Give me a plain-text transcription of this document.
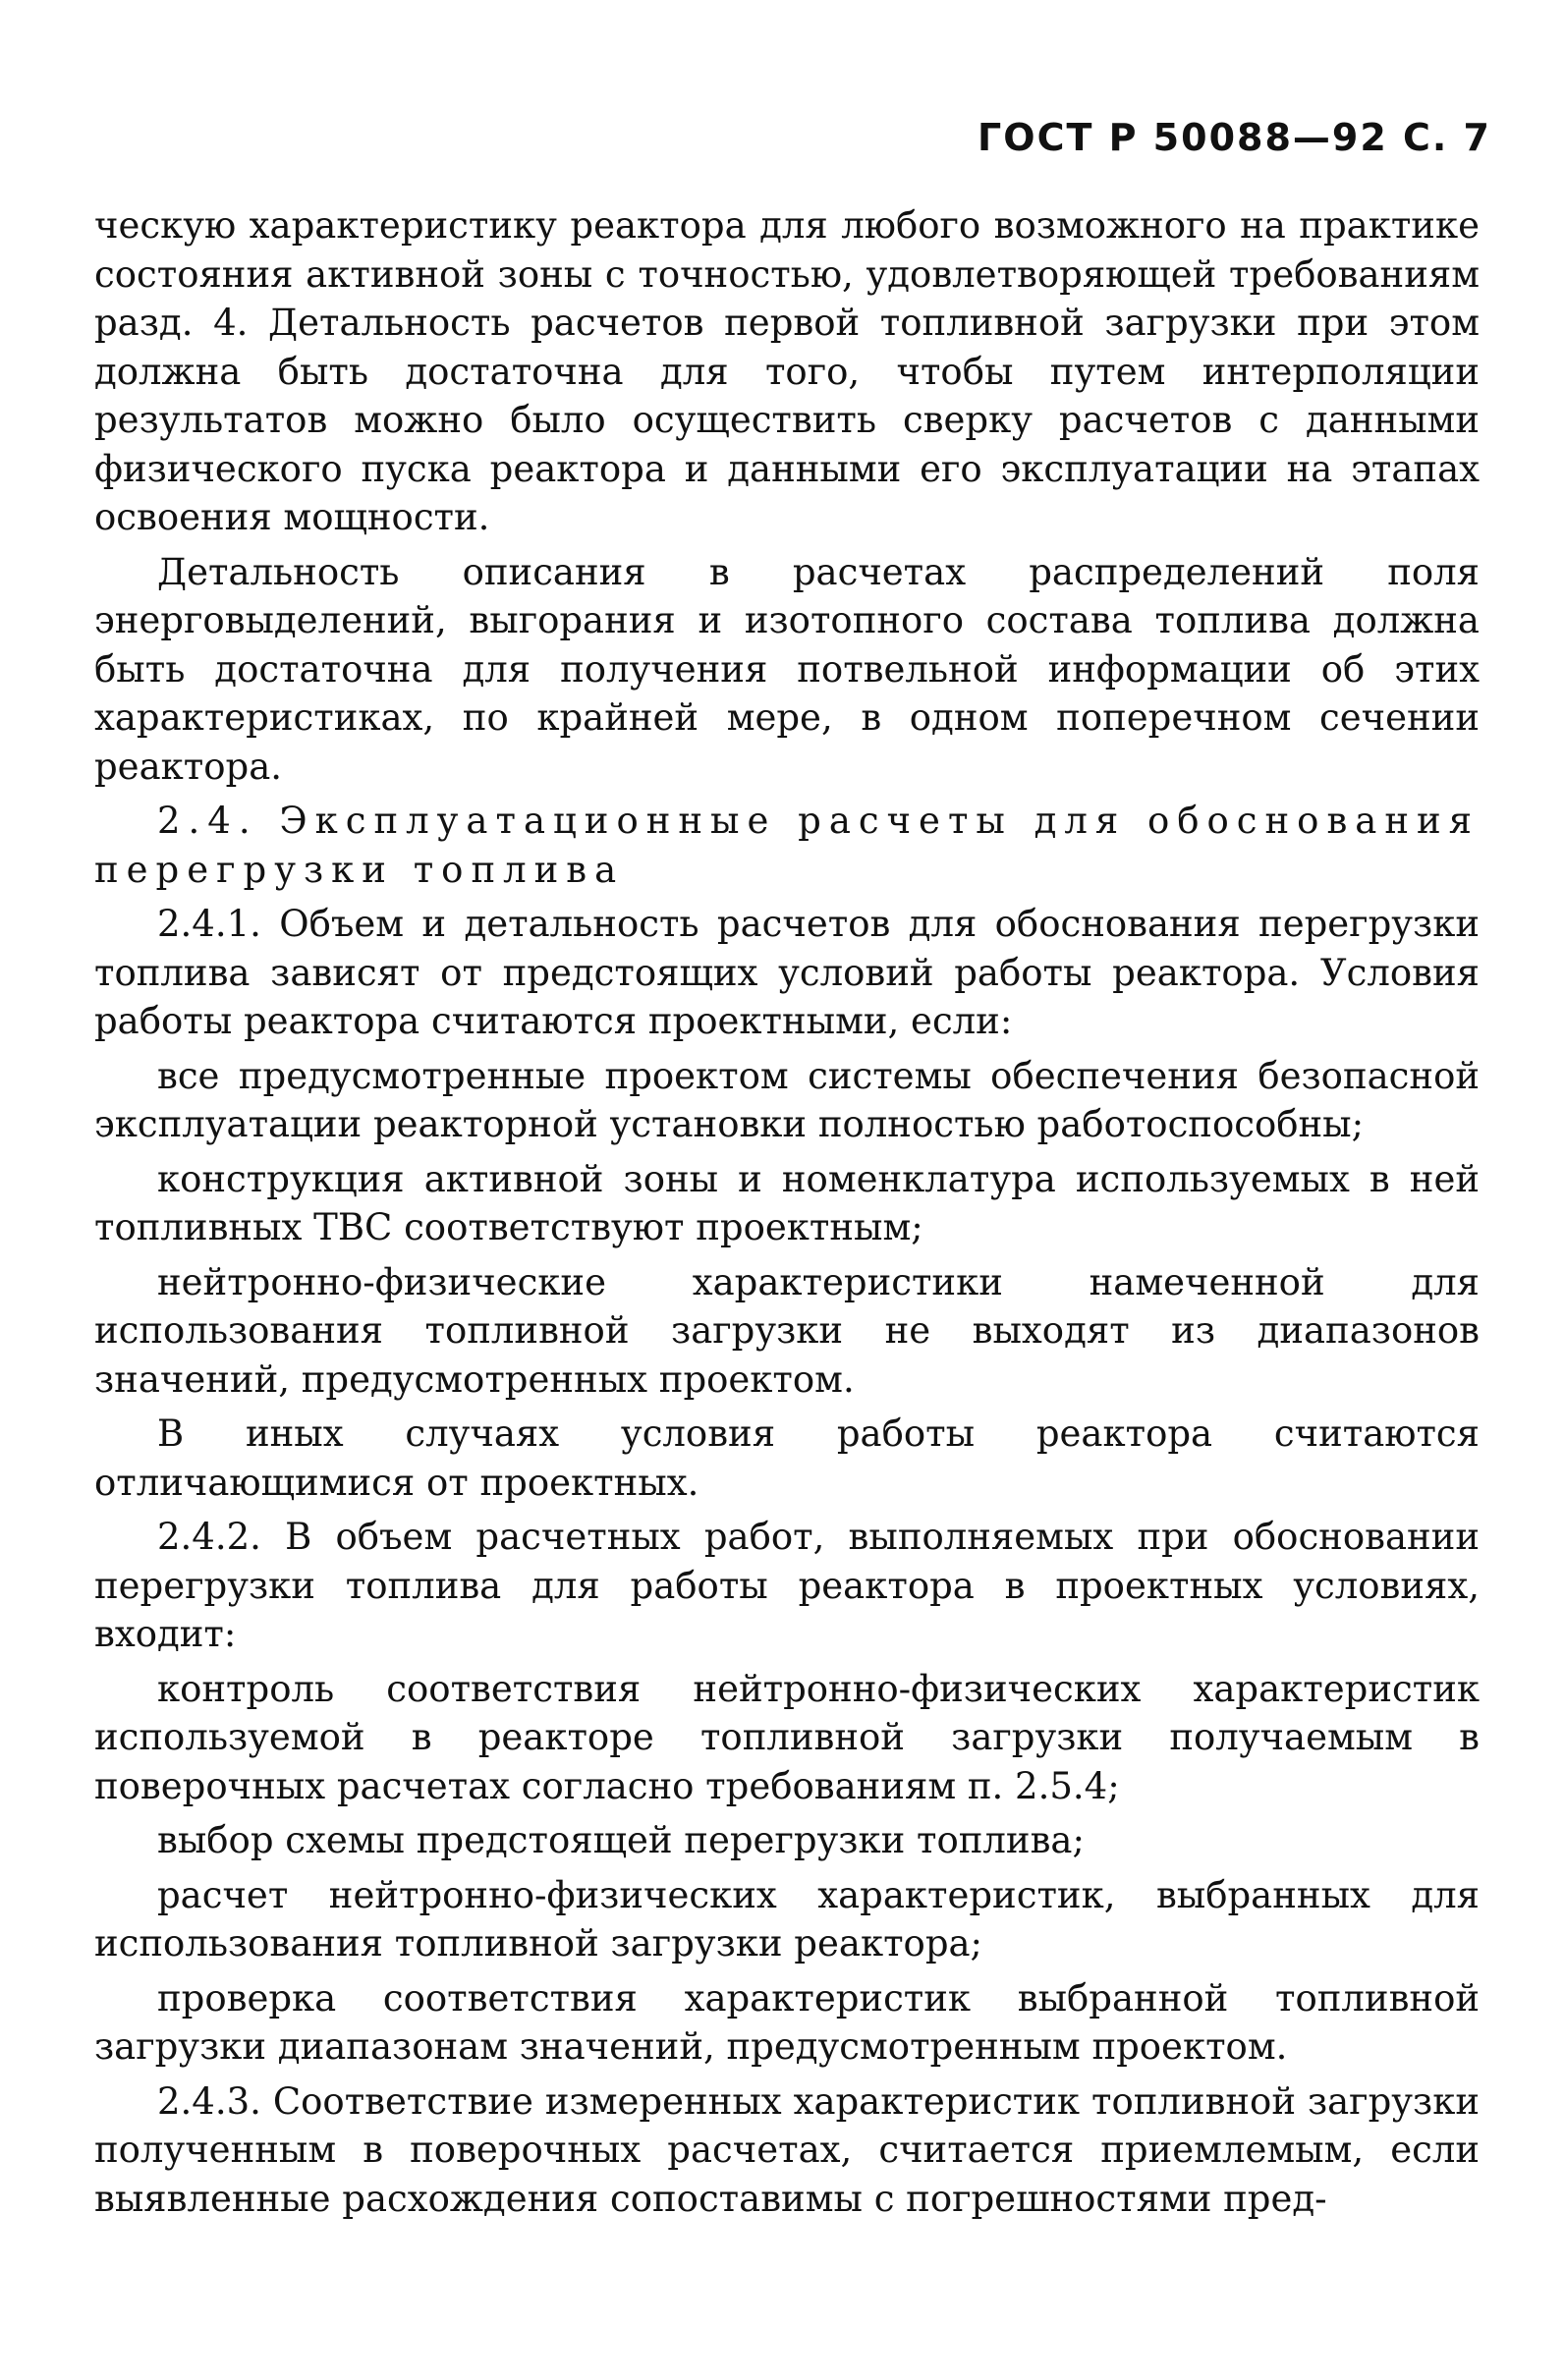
ГОСТ Р 50088—92 С. 7

ческую характеристику реактора для любого возможного на практике состояния активной зоны с точностью, удовлетворяющей требованиям разд. 4. Детальность расчетов первой топливной загрузки при этом должна быть достаточна для того, чтобы путем интерполяции результатов можно было осуществить сверку расчетов с данными физического пуска реактора и данными его эксплуатации на этапах освоения мощности.

Детальность описания в расчетах распределений поля энерговыделений, выгорания и изотопного состава топлива должна быть достаточна для получения потвельной информации об этих характеристиках, по крайней мере, в одном поперечном сечении реактора.

2.4. Эксплуатационные расчеты для обоснования перегрузки топлива

2.4.1. Объем и детальность расчетов для обоснования перегрузки топлива зависят от предстоящих условий работы реактора. Условия работы реактора считаются проектными, если:

все предусмотренные проектом системы обеспечения безопасной эксплуатации реакторной установки полностью работоспособны;

конструкция активной зоны и номенклатура используемых в ней топливных ТВС соответствуют проектным;

нейтронно-физические характеристики намеченной для использования топливной загрузки не выходят из диапазонов значений, предусмотренных проектом.

В иных случаях условия работы реактора считаются отличающимися от проектных.

2.4.2. В объем расчетных работ, выполняемых при обосновании перегрузки топлива для работы реактора в проектных условиях, входит:

контроль соответствия нейтронно-физических характеристик используемой в реакторе топливной загрузки получаемым в поверочных расчетах согласно требованиям п. 2.5.4;

выбор схемы предстоящей перегрузки топлива;

расчет нейтронно-физических характеристик, выбранных для использования топливной загрузки реактора;

проверка соответствия характеристик выбранной топливной загрузки диапазонам значений, предусмотренным проектом.

2.4.3. Соответствие измеренных характеристик топливной загрузки полученным в поверочных расчетах, считается приемлемым, если выявленные расхождения сопоставимы с погрешностями пред-
